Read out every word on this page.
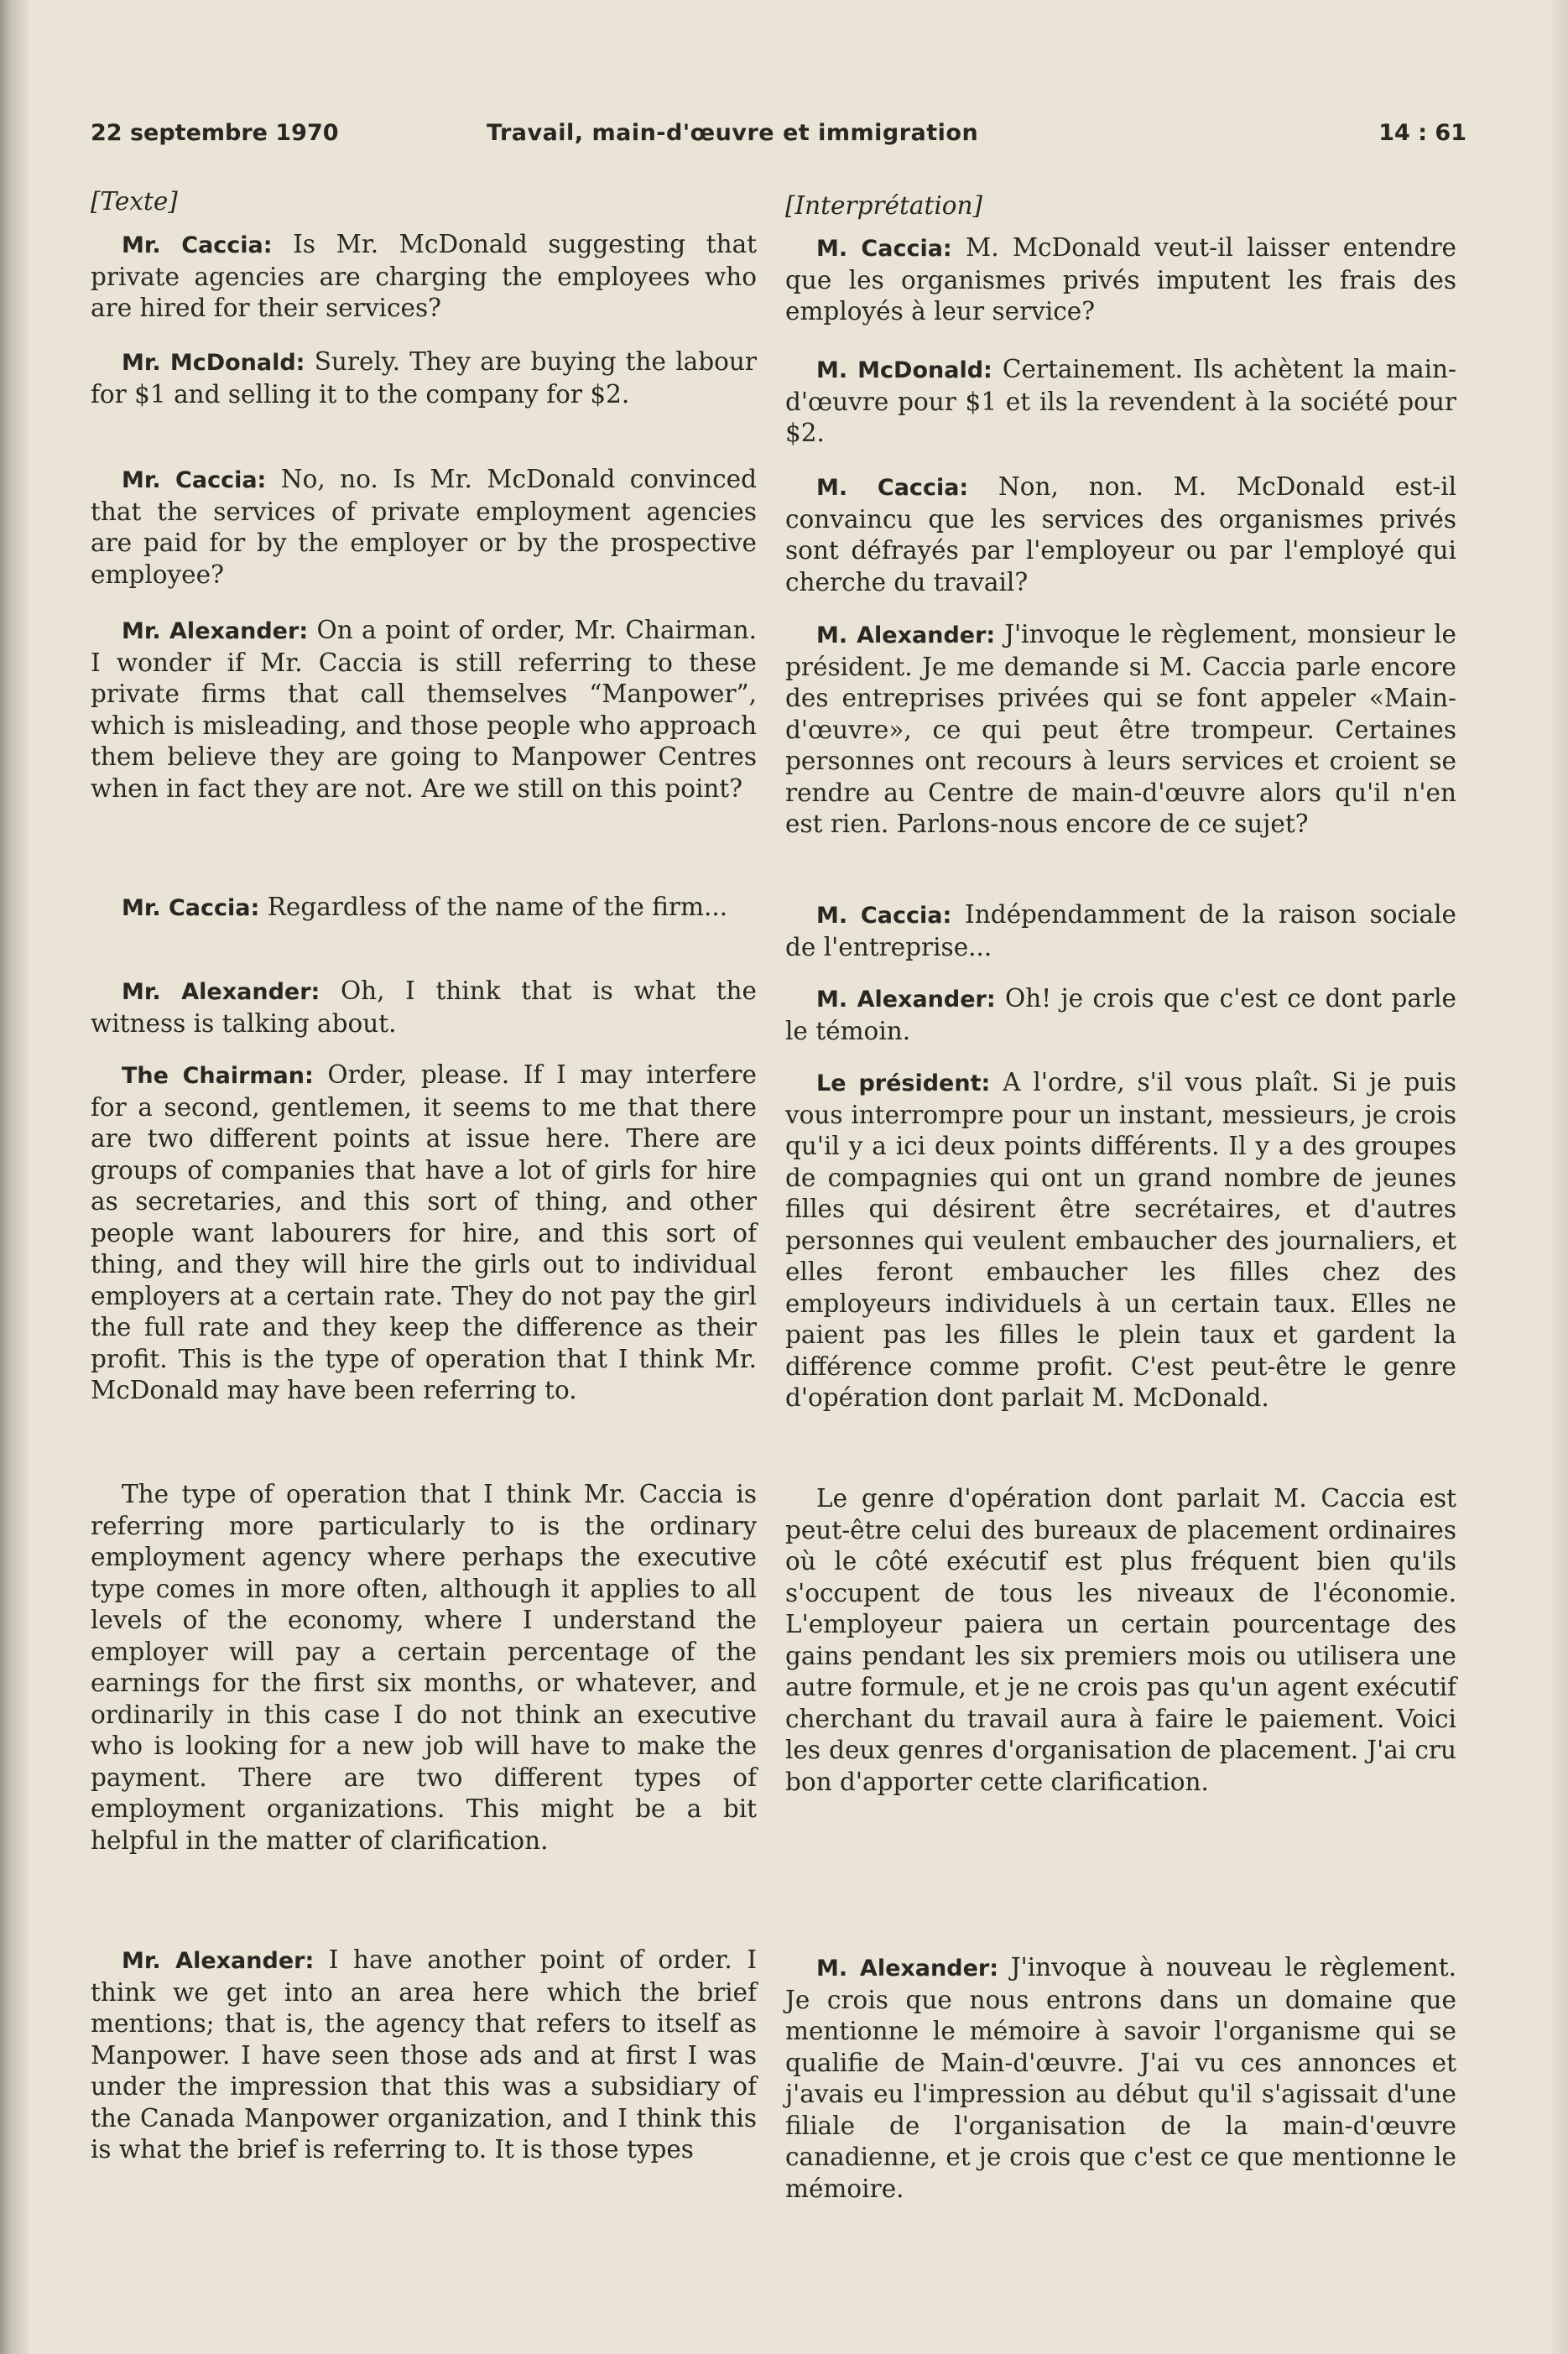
22 septembre 1970	Travail, main-d'œuvre et immigration	14 : 61

[Texte]

Mr. Caccia: Is Mr. McDonald suggesting that private agencies are charging the employees who are hired for their services?

Mr. McDonald: Surely. They are buying the labour for $1 and selling it to the company for $2.

Mr. Caccia: No, no. Is Mr. McDonald convinced that the services of private employment agencies are paid for by the employer or by the prospective employee?

Mr. Alexander: On a point of order, Mr. Chairman. I wonder if Mr. Caccia is still referring to these private firms that call themselves “Manpower”, which is misleading, and those people who approach them believe they are going to Manpower Centres when in fact they are not. Are we still on this point?

Mr. Caccia: Regardless of the name of the firm...

Mr. Alexander: Oh, I think that is what the witness is talking about.

The Chairman: Order, please. If I may interfere for a second, gentlemen, it seems to me that there are two different points at issue here. There are groups of companies that have a lot of girls for hire as secretaries, and this sort of thing, and other people want labourers for hire, and this sort of thing, and they will hire the girls out to individual employers at a certain rate. They do not pay the girl the full rate and they keep the difference as their profit. This is the type of operation that I think Mr. McDonald may have been referring to.

The type of operation that I think Mr. Caccia is referring more particularly to is the ordinary employment agency where perhaps the executive type comes in more often, although it applies to all levels of the economy, where I understand the employer will pay a certain percentage of the earnings for the first six months, or whatever, and ordinarily in this case I do not think an executive who is looking for a new job will have to make the payment. There are two different types of employment organizations. This might be a bit helpful in the matter of clarification.

Mr. Alexander: I have another point of order. I think we get into an area here which the brief mentions; that is, the agency that refers to itself as Manpower. I have seen those ads and at first I was under the impression that this was a subsidiary of the Canada Manpower organization, and I think this is what the brief is referring to. It is those types

[Interprétation]

M. Caccia: M. McDonald veut-il laisser entendre que les organismes privés imputent les frais des employés à leur service?

M. McDonald: Certainement. Ils achètent la main-d'œuvre pour $1 et ils la revendent à la société pour $2.

M. Caccia: Non, non. M. McDonald est-il convaincu que les services des organismes privés sont défrayés par l'employeur ou par l'employé qui cherche du travail?

M. Alexander: J'invoque le règlement, monsieur le président. Je me demande si M. Caccia parle encore des entreprises privées qui se font appeler «Main-d'œuvre», ce qui peut être trompeur. Certaines personnes ont recours à leurs services et croient se rendre au Centre de main-d'œuvre alors qu'il n'en est rien. Parlons-nous encore de ce sujet?

M. Caccia: Indépendamment de la raison sociale de l'entreprise...

M. Alexander: Oh! je crois que c'est ce dont parle le témoin.

Le président: A l'ordre, s'il vous plaît. Si je puis vous interrompre pour un instant, messieurs, je crois qu'il y a ici deux points différents. Il y a des groupes de compagnies qui ont un grand nombre de jeunes filles qui désirent être secrétaires, et d'autres personnes qui veulent embaucher des journaliers, et elles feront embaucher les filles chez des employeurs individuels à un certain taux. Elles ne paient pas les filles le plein taux et gardent la différence comme profit. C'est peut-être le genre d'opération dont parlait M. McDonald.

Le genre d'opération dont parlait M. Caccia est peut-être celui des bureaux de placement ordinaires où le côté exécutif est plus fréquent bien qu'ils s'occupent de tous les niveaux de l'économie. L'employeur paiera un certain pourcentage des gains pendant les six premiers mois ou utilisera une autre formule, et je ne crois pas qu'un agent exécutif cherchant du travail aura à faire le paiement. Voici les deux genres d'organisation de placement. J'ai cru bon d'apporter cette clarification.

M. Alexander: J'invoque à nouveau le règlement. Je crois que nous entrons dans un domaine que mentionne le mémoire à savoir l'organisme qui se qualifie de Main-d'œuvre. J'ai vu ces annonces et j'avais eu l'impression au début qu'il s'agissait d'une filiale de l'organisation de la main-d'œuvre canadienne, et je crois que c'est ce que mentionne le mémoire.
